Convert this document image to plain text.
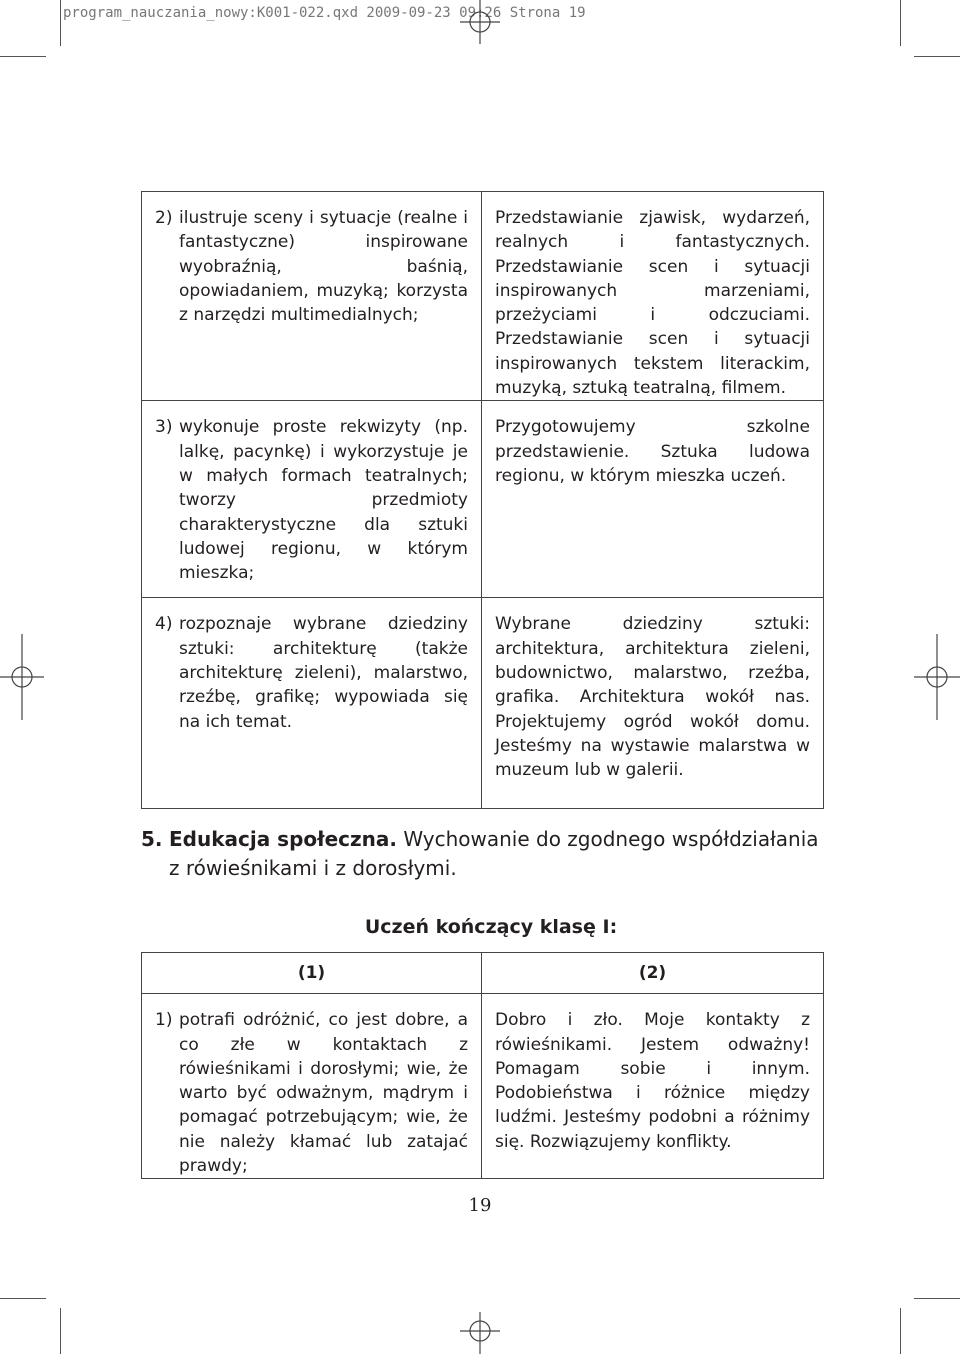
program_nauczania_nowy:K001-022.qxd 2009-09-23 09:26 Strona 19
2) ilustruje sceny i sytuacje (realne i fantastyczne) inspirowane wyobraźnią, baśnią, opowiadaniem, muzyką; korzysta z narzędzi multimedialnych;	Przedstawianie zjawisk, wydarzeń, realnych i fantastycznych. Przedstawianie scen i sytuacji inspirowanych marzeniami, przeżyciami i odczuciami. Przedstawianie scen i sytuacji inspirowanych tekstem literackim, muzyką, sztuką teatralną, filmem.

3) wykonuje proste rekwizyty (np. lalkę, pacynkę) i wykorzystuje je w małych formach teatralnych; tworzy przedmioty charakterystyczne dla sztuki ludowej regionu, w którym mieszka;	Przygotowujemy szkolne przedstawienie. Sztuka ludowa regionu, w którym mieszka uczeń.

4) rozpoznaje wybrane dziedziny sztuki: architekturę (także architekturę zieleni), malarstwo, rzeźbę, grafikę; wypowiada się na ich temat.	Wybrane dziedziny sztuki: architektura, architektura zieleni, budownictwo, malarstwo, rzeźba, grafika. Architektura wokół nas. Projektujemy ogród wokół domu. Jesteśmy na wystawie malarstwa w muzeum lub w galerii.
5. Edukacja społeczna. Wychowanie do zgodnego współdziałania z rówieśnikami i z dorosłymi.
Uczeń kończący klasę I:
(1)	(2)

1) potrafi odróżnić, co jest dobre, a co złe w kontaktach z rówieśnikami i dorosłymi; wie, że warto być odważnym, mądrym i pomagać potrzebującym; wie, że nie należy kłamać lub zatajać prawdy;	Dobro i zło. Moje kontakty z rówieśnikami. Jestem odważny! Pomagam sobie i innym. Podobieństwa i różnice między ludźmi. Jesteśmy podobni a różnimy się. Rozwiązujemy konflikty.
19
